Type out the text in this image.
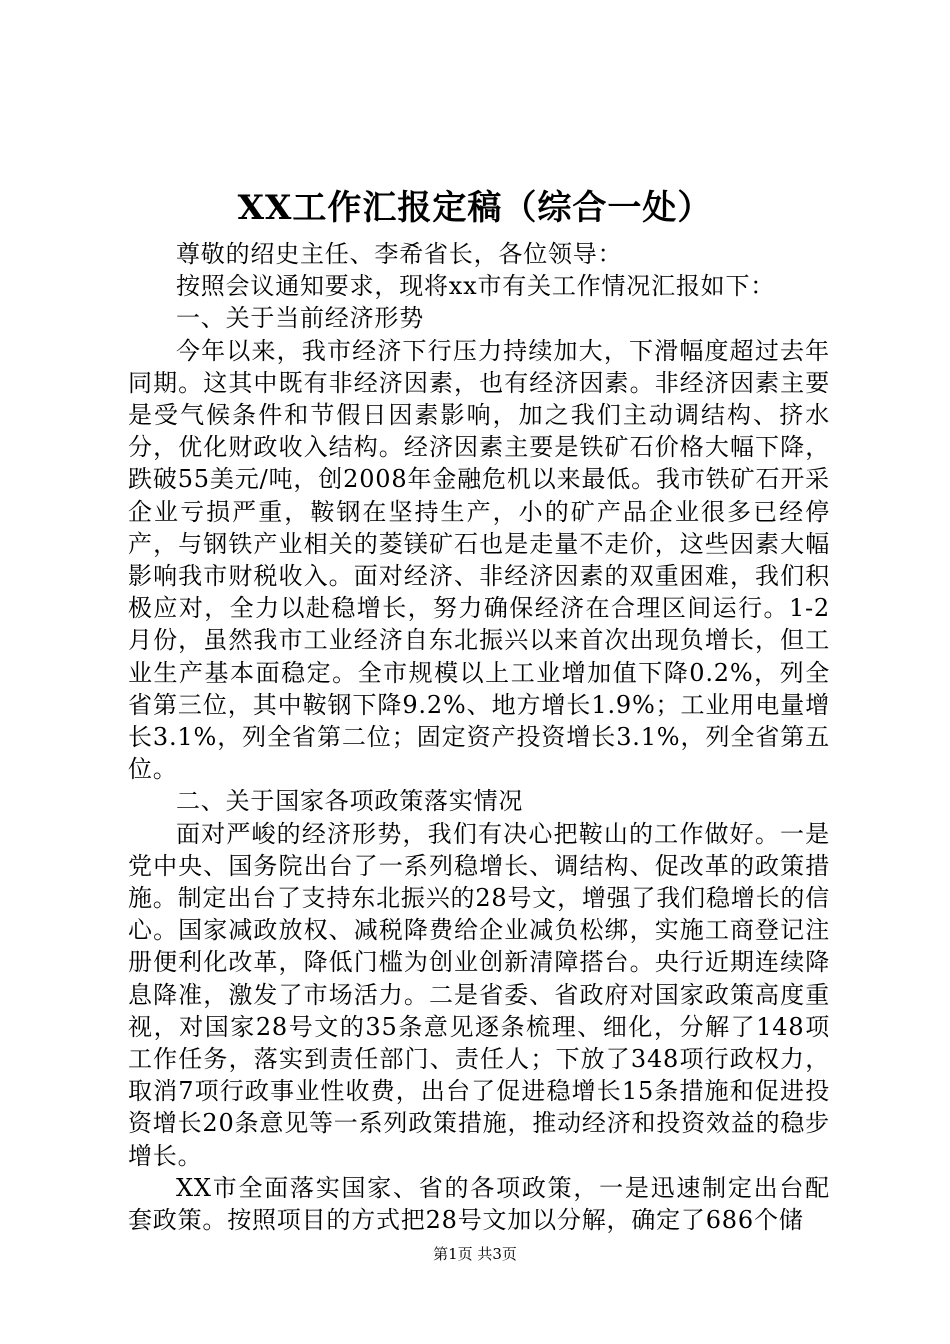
XX工作汇报定稿（综合一处）

尊敬的绍史主任、李希省长，各位领导：

按照会议通知要求，现将xx市有关工作情况汇报如下：

一、关于当前经济形势

今年以来，我市经济下行压力持续加大，下滑幅度超过去年同期。这其中既有非经济因素，也有经济因素。非经济因素主要是受气候条件和节假日因素影响，加之我们主动调结构、挤水分，优化财政收入结构。经济因素主要是铁矿石价格大幅下降，跌破55美元/吨，创2008年金融危机以来最低。我市铁矿石开采企业亏损严重，鞍钢在坚持生产，小的矿产品企业很多已经停产，与钢铁产业相关的菱镁矿石也是走量不走价，这些因素大幅影响我市财税收入。面对经济、非经济因素的双重困难，我们积极应对，全力以赴稳增长，努力确保经济在合理区间运行。1-2月份，虽然我市工业经济自东北振兴以来首次出现负增长，但工业生产基本面稳定。全市规模以上工业增加值下降0.2%，列全省第三位，其中鞍钢下降9.2%、地方增长1.9%；工业用电量增长3.1%，列全省第二位；固定资产投资增长3.1%，列全省第五位。

二、关于国家各项政策落实情况

面对严峻的经济形势，我们有决心把鞍山的工作做好。一是党中央、国务院出台了一系列稳增长、调结构、促改革的政策措施。制定出台了支持东北振兴的28号文，增强了我们稳增长的信心。国家减政放权、减税降费给企业减负松绑，实施工商登记注册便利化改革，降低门槛为创业创新清障搭台。央行近期连续降息降准，激发了市场活力。二是省委、省政府对国家政策高度重视，对国家28号文的35条意见逐条梳理、细化，分解了148项工作任务，落实到责任部门、责任人；下放了348项行政权力，取消7项行政事业性收费，出台了促进稳增长15条措施和促进投资增长20条意见等一系列政策措施，推动经济和投资效益的稳步增长。

XX市全面落实国家、省的各项政策，一是迅速制定出台配套政策。按照项目的方式把28号文加以分解，确定了686个储

第1页 共3页
